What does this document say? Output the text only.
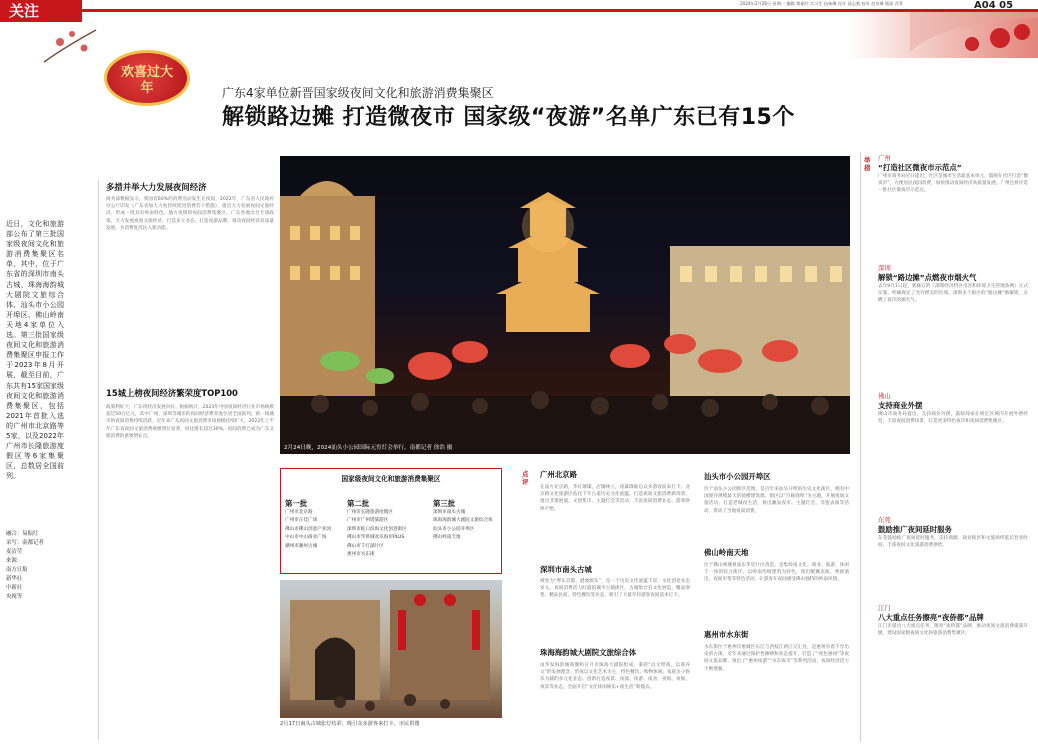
关注	2024年2月26日 星期一 编辑 黎振红 实习生 伍咏琳 设计 邱志强 校对 赵卓琳 版面 肖菲	A04 05
欢喜过大年	广东4家单位新晋国家级夜间文化和旅游消费集聚区
解锁路边摊 打造微夜市 国家级“夜游”名单广东已有15个
近日，文化和旅游部公布了第三批国家级夜间文化和旅游消费集聚区名单，其中，位于广东省的深圳市南头古城、珠海海韵城大剧院文旅综合体、汕头市小公园开埠区、佛山岭南天地4家单位入选。第三批国家级夜间文化和旅游消费集聚区申报工作于2023年8月开展，截至目前，广东共有15家国家级夜间文化和旅游消费集聚区，包括2021年首批入选的广州市北京路等5家，以及2022年广州市长隆旅游度假区等6家集聚区，总数居全国前列。
融合：易振红
采写：南都记者
麦洁莹
来源：
南方日报
新华社
中新社
央视等
多措并举大力发展夜间经济
商务部数据显示，我国有60%的消费活动发生在夜间，2022年，广东省人民政府办公厅印发《广东省加大力度持续促进消费若干措施》，提出大力发展夜间文旅经济，形成一批具有岭南特色、地方风情的夜间消费集聚区。广东各地出台专项政策，大力发展夜间文旅经济，打造多元业态，打造夜游品牌，推动夜间经济高质量发展，为消费复苏注入新动能。
15城上榜夜间经济繁荣度TOP100
政策利好下，广东夜经济发展向好。根据统计，2023年中国夜间经济行业市场规模超过50万亿元，其中广州、深圳等城市的夜间经济繁荣度位居全国前列。新一线城市的夜间消费持续活跃，近年来广东夜间文旅消费市场规模持续扩大，2023年上半年广东省夜间文旅消费规模增长显著，同比增长超过30%，夜间消费已成为广东文旅消费的重要增长点。
2月24日晚，2024汕头小公园国际元宵灯会举行。南都记者 徐浩 摄
国家级夜间文化和旅游消费集聚区
第一批
广州市北京路
广州市正佳广场
佛山市佛山创意产业园
中山市中山商业广场
潮州市潮州古城
第二批
广州市长隆旅游度假区
广州市广州塔旅游区
深圳市蛇口滨海文化创意街区
佛山市华侨城欢乐海岸PLUS
佛山市千灯湖片区
惠州市水东街
第三批
深圳市南头古城
珠海海韵城大剧院文旅综合体
汕头市小公园开埠区
佛山岭南天地
2月17日南头古城张灯结彩，吸引众多游客来打卡。市民供图
点评
广州北京路
在南方北京路，华灯璀璨，店铺林立，夜幕降临后众多游客前来打卡。北京路文化旅游区依托千年古道历史文化底蕴，打造夜间文旅消费新场景，推出非遗展演、文创集市、主题灯会等活动，丰富夜间消费业态，游客络绎不绝。
深圳市南头古城
被誉为“粤东首郡、港澳源头”，是一个历史文化底蕴丰厚，文化创意业态多元、夜间消费活力旺盛的城市古镇街区。古城集合有文化展览、精品零售、精品民宿、特色餐饮等业态，吸引了大量年轻游客夜间前来打卡。
珠海海韵城大剧院文旅综合体
由华发海韵城商圈和日月贝珠海大剧院组成，秉持“以文带商、以商养文”的发展理念，形成以文化艺术为主，特色餐饮、购物休闲、家庭亲子娱乐为辅的多元化业态。创新打造夜景、夜演、夜游、夜食、夜购、夜娱、夜读等业态，全面开启“文化休闲娱乐+夜生活”新模式。
汕头市小公园开埠区
位于汕头小公园街区范围，是百年来汕头开埠的历史文化街区，拥有中国现存规模最大的骑楼建筑群。街区以“百载商埠”为主题，开展夜间文旅活动，打造老城夜生活，推出潮汕夜市、主题灯会、非遗表演等活动，带动了当地夜间消费。
佛山岭南天地
位于佛山禅城祖庙东华里片区改造，是集岭南文化、商业、旅游、休闲于一体的综合街区，以岭南传统建筑为特色，推出醒狮表演、粤剧演出、夜间市集等特色活动，让游客在夜间感受佛山独特的岭南风情。
惠州市水东街
水东街位于惠州市惠城区东江与西枝江两江交汇处，是惠州有着千年历史的古街，近年来通过保护性修缮和业态提升，打造了“夜色惠州”等夜间文旅品牌，推出了“惠州夜游”“水东夜市”等系列活动，夜间经济活力不断增强。
举措
广州
“打造社区微夜市示范点”
广州市商务局近日提出，社区是城市生活最基本单元，鼓励在社区打造“微夜市”，方便居民夜间消费，加快推动夜间经济高质量发展。广州还将评选一批社区微夜市示范点。
深圳
解锁“路边摊”点燃夜市烟火气
去年9月1日起，新修订的《深圳经济特区市容和环境卫生管理条例》正式实施，明确规定了允许摆卖的区域，深圳多个街区的“路边摊”被解锁，点燃了夜市的烟火气。
佛山
支持商业外摆
佛山市商务局提出，支持商业外摆，鼓励商家在规定区域内开展外摆经营，丰富夜间消费场景，打造更多特色夜市和夜间消费集聚区。
东莞
鼓励推广夜间延时服务
东莞鼓励推广夜间延时服务，支持商圈、商业街区和文旅场所延长营业时间，丰富夜间文化旅游消费供给。
江门
八大重点任务擦亮“夜侨都”品牌
江门市提出八大重点任务，擦亮“夜侨都”品牌，推动夜间文旅消费提质升级，建设国家级夜间文化和旅游消费集聚区。
